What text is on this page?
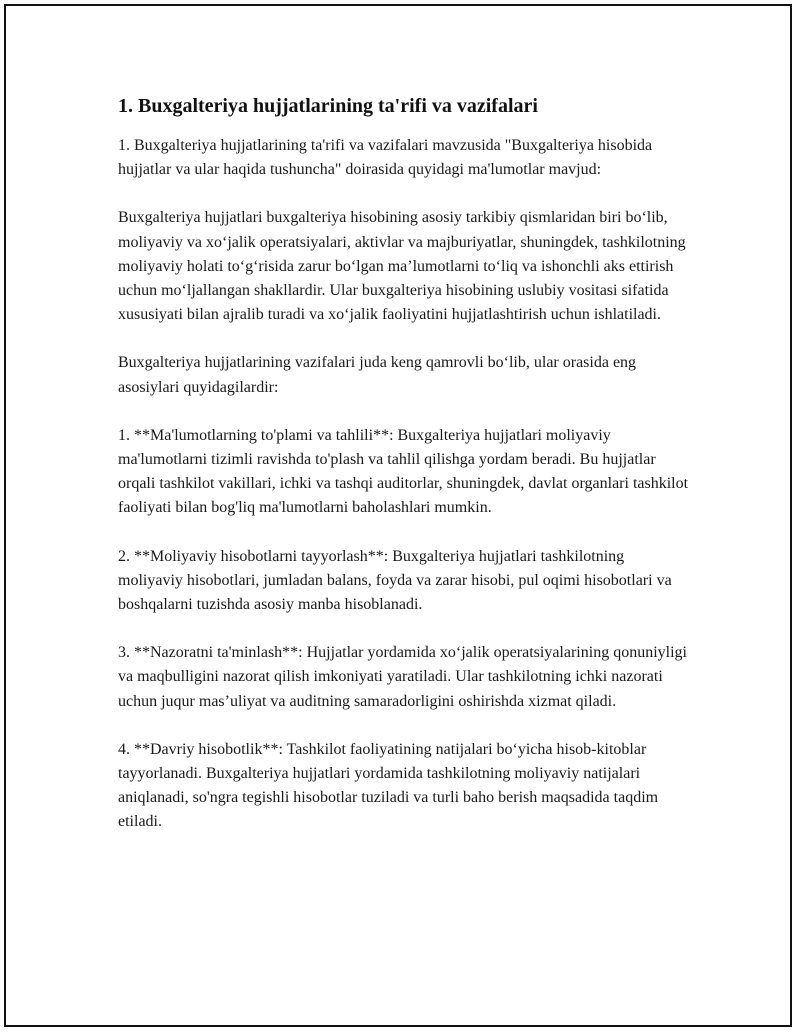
1. Buxgalteriya hujjatlarining ta'rifi va vazifalari

1. Buxgalteriya hujjatlarining ta'rifi va vazifalari mavzusida "Buxgalteriya hisobida hujjatlar va ular haqida tushuncha" doirasida quyidagi ma'lumotlar mavjud:

Buxgalteriya hujjatlari buxgalteriya hisobining asosiy tarkibiy qismlaridan biri bo‘lib, moliyaviy va xo‘jalik operatsiyalari, aktivlar va majburiyatlar, shuningdek, tashkilotning moliyaviy holati to‘g‘risida zarur bo‘lgan ma’lumotlarni to‘liq va ishonchli aks ettirish uchun mo‘ljallangan shakllardir. Ular buxgalteriya hisobining uslubiy vositasi sifatida xususiyati bilan ajralib turadi va xo‘jalik faoliyatini hujjatlashtirish uchun ishlatiladi.

Buxgalteriya hujjatlarining vazifalari juda keng qamrovli bo‘lib, ular orasida eng asosiylari quyidagilardir:

1. **Ma'lumotlarning to'plami va tahlili**: Buxgalteriya hujjatlari moliyaviy ma'lumotlarni tizimli ravishda to'plash va tahlil qilishga yordam beradi. Bu hujjatlar orqali tashkilot vakillari, ichki va tashqi auditorlar, shuningdek, davlat organlari tashkilot faoliyati bilan bog'liq ma'lumotlarni baholashlari mumkin.

2. **Moliyaviy hisobotlarni tayyorlash**: Buxgalteriya hujjatlari tashkilotning moliyaviy hisobotlari, jumladan balans, foyda va zarar hisobi, pul oqimi hisobotlari va boshqalarni tuzishda asosiy manba hisoblanadi.

3. **Nazoratni ta'minlash**: Hujjatlar yordamida xo‘jalik operatsiyalarining qonuniyligi va maqbulligini nazorat qilish imkoniyati yaratiladi. Ular tashkilotning ichki nazorati uchun juqur mas’uliyat va auditning samaradorligini oshirishda xizmat qiladi.

4. **Davriy hisobotlik**: Tashkilot faoliyatining natijalari bo‘yicha hisob-kitoblar tayyorlanadi. Buxgalteriya hujjatlari yordamida tashkilotning moliyaviy natijalari aniqlanadi, so'ngra tegishli hisobotlar tuziladi va turli baho berish maqsadida taqdim etiladi.
